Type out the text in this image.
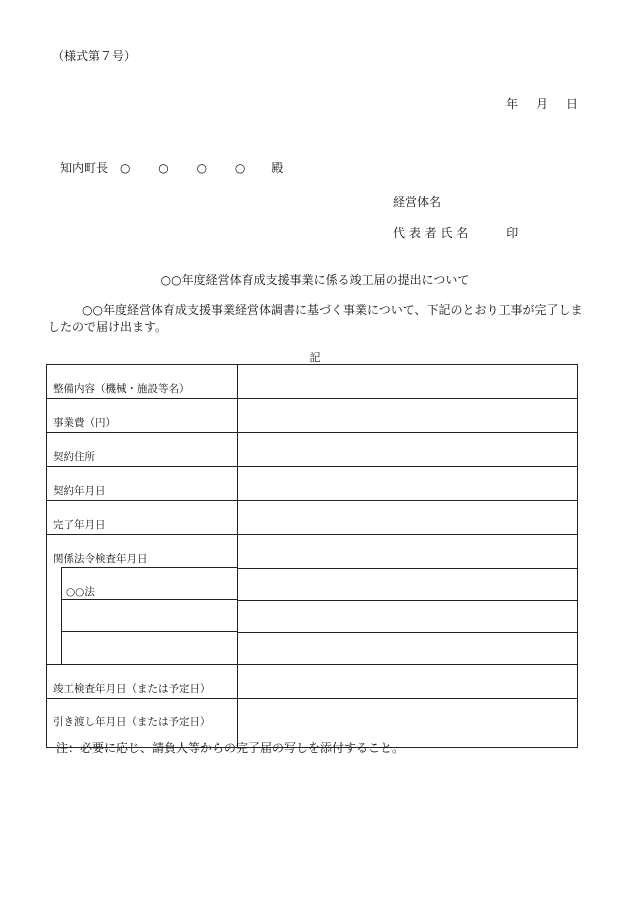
（様式第７号）
年 月 日
知内町長 ○ ○ ○ ○ 殿
経営体名
代 表 者 氏 名	印
○○年度経営体育成支援事業に係る竣工届の提出について
○○年度経営体育成支援事業経営体調書に基づく事業について、下記のとおり工事が完了しましたので届け出ます。
記
整備内容（機械・施設等名）	
事業費（円）	
契約住所	
契約年月日	
完了年月日	
関係法令検査年月日	

○○法	

竣工検査年月日（または予定日）	
引き渡し年月日（または予定日）	
注：必要に応じ、請負人等からの完了届の写しを添付すること。
